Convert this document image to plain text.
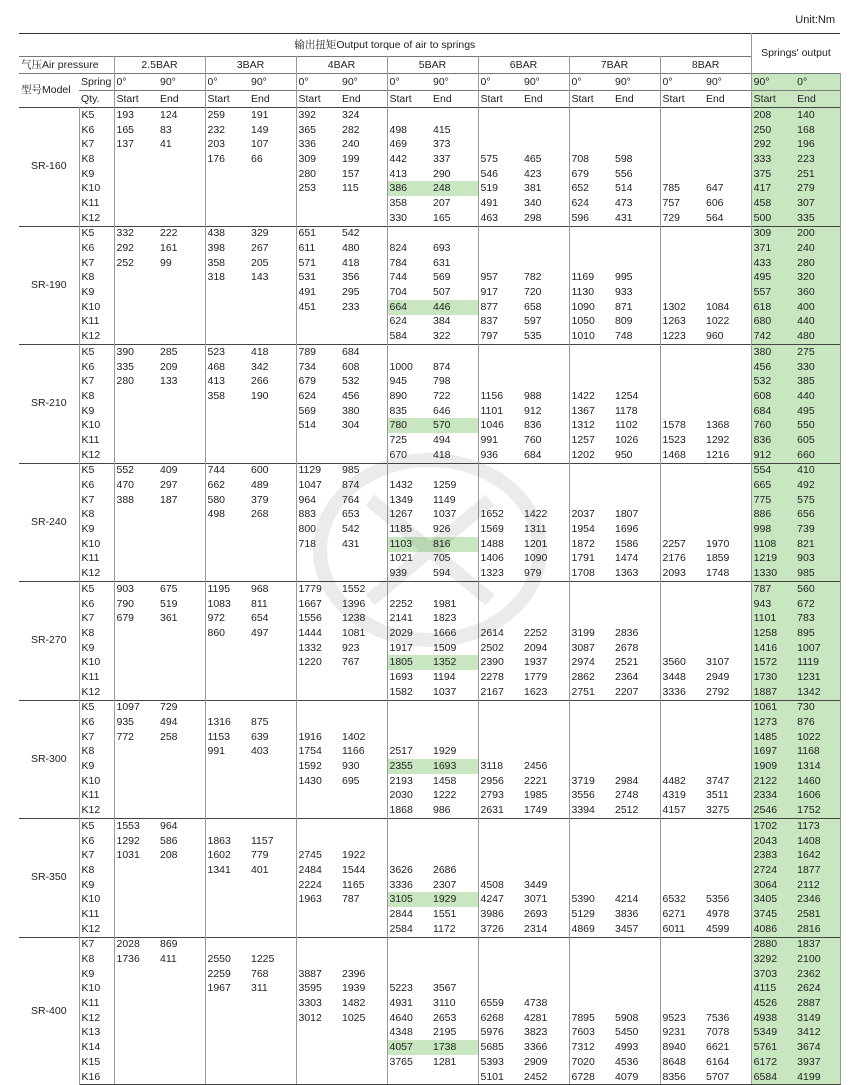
Unit:Nm
输出扭矩Output torque of air to springs																Springs' output	
气压Air pressure		2.5BAR		3BAR		4BAR		5BAR		6BAR		7BAR		8BAR			
型号Model	Spring	0°	90°	0°	90°	0°	90°	0°	90°	0°	90°	0°	90°	0°	90°	90°	0°
	Qty.	Start	End	Start	End	Start	End	Start	End	Start	End	Start	End	Start	End	Start	End
SR-160	K5	193	124	259	191	392	324									208	140
	K6	165	83	232	149	365	282	498	415							250	168
	K7	137	41	203	107	336	240	469	373							292	196
	K8			176	66	309	199	442	337	575	465	708	598			333	223
	K9					280	157	413	290	546	423	679	556			375	251
	K10					253	115	386	248	519	381	652	514	785	647	417	279
	K11							358	207	491	340	624	473	757	606	458	307
	K12							330	165	463	298	596	431	729	564	500	335
SR-190	K5	332	222	438	329	651	542									309	200
	K6	292	161	398	267	611	480	824	693							371	240
	K7	252	99	358	205	571	418	784	631							433	280
	K8			318	143	531	356	744	569	957	782	1169	995			495	320
	K9					491	295	704	507	917	720	1130	933			557	360
	K10					451	233	664	446	877	658	1090	871	1302	1084	618	400
	K11							624	384	837	597	1050	809	1263	1022	680	440
	K12							584	322	797	535	1010	748	1223	960	742	480
SR-210	K5	390	285	523	418	789	684									380	275
	K6	335	209	468	342	734	608	1000	874							456	330
	K7	280	133	413	266	679	532	945	798							532	385
	K8			358	190	624	456	890	722	1156	988	1422	1254			608	440
	K9					569	380	835	646	1101	912	1367	1178			684	495
	K10					514	304	780	570	1046	836	1312	1102	1578	1368	760	550
	K11							725	494	991	760	1257	1026	1523	1292	836	605
	K12							670	418	936	684	1202	950	1468	1216	912	660
SR-240	K5	552	409	744	600	1129	985									554	410
	K6	470	297	662	489	1047	874	1432	1259							665	492
	K7	388	187	580	379	964	764	1349	1149							775	575
	K8			498	268	883	653	1267	1037	1652	1422	2037	1807			886	656
	K9					800	542	1185	926	1569	1311	1954	1696			998	739
	K10					718	431	1103	816	1488	1201	1872	1586	2257	1970	1108	821
	K11							1021	705	1406	1090	1791	1474	2176	1859	1219	903
	K12							939	594	1323	979	1708	1363	2093	1748	1330	985
SR-270	K5	903	675	1195	968	1779	1552									787	560
	K6	790	519	1083	811	1667	1396	2252	1981							943	672
	K7	679	361	972	654	1556	1238	2141	1823							1101	783
	K8			860	497	1444	1081	2029	1666	2614	2252	3199	2836			1258	895
	K9					1332	923	1917	1509	2502	2094	3087	2678			1416	1007
	K10					1220	767	1805	1352	2390	1937	2974	2521	3560	3107	1572	1119
	K11							1693	1194	2278	1779	2862	2364	3448	2949	1730	1231
	K12							1582	1037	2167	1623	2751	2207	3336	2792	1887	1342
SR-300	K5	1097	729													1061	730
	K6	935	494	1316	875											1273	876
	K7	772	258	1153	639	1916	1402									1485	1022
	K8			991	403	1754	1166	2517	1929							1697	1168
	K9					1592	930	2355	1693	3118	2456					1909	1314
	K10					1430	695	2193	1458	2956	2221	3719	2984	4482	3747	2122	1460
	K11							2030	1222	2793	1985	3556	2748	4319	3511	2334	1606
	K12							1868	986	2631	1749	3394	2512	4157	3275	2546	1752
SR-350	K5	1553	964													1702	1173
	K6	1292	586	1863	1157											2043	1408
	K7	1031	208	1602	779	2745	1922									2383	1642
	K8			1341	401	2484	1544	3626	2686							2724	1877
	K9					2224	1165	3336	2307	4508	3449					3064	2112
	K10					1963	787	3105	1929	4247	3071	5390	4214	6532	5356	3405	2346
	K11							2844	1551	3986	2693	5129	3836	6271	4978	3745	2581
	K12							2584	1172	3726	2314	4869	3457	6011	4599	4086	2816
SR-400	K7	2028	869													2880	1837
	K8	1736	411	2550	1225											3292	2100
	K9			2259	768	3887	2396									3703	2362
	K10			1967	311	3595	1939	5223	3567							4115	2624
	K11					3303	1482	4931	3110	6559	4738					4526	2887
	K12					3012	1025	4640	2653	6268	4281	7895	5908	9523	7536	4938	3149
	K13							4348	2195	5976	3823	7603	5450	9231	7078	5349	3412
	K14							4057	1738	5685	3366	7312	4993	8940	6621	5761	3674
	K15							3765	1281	5393	2909	7020	4536	8648	6164	6172	3937
	K16									5101	2452	6728	4079	8356	5707	6584	4199
